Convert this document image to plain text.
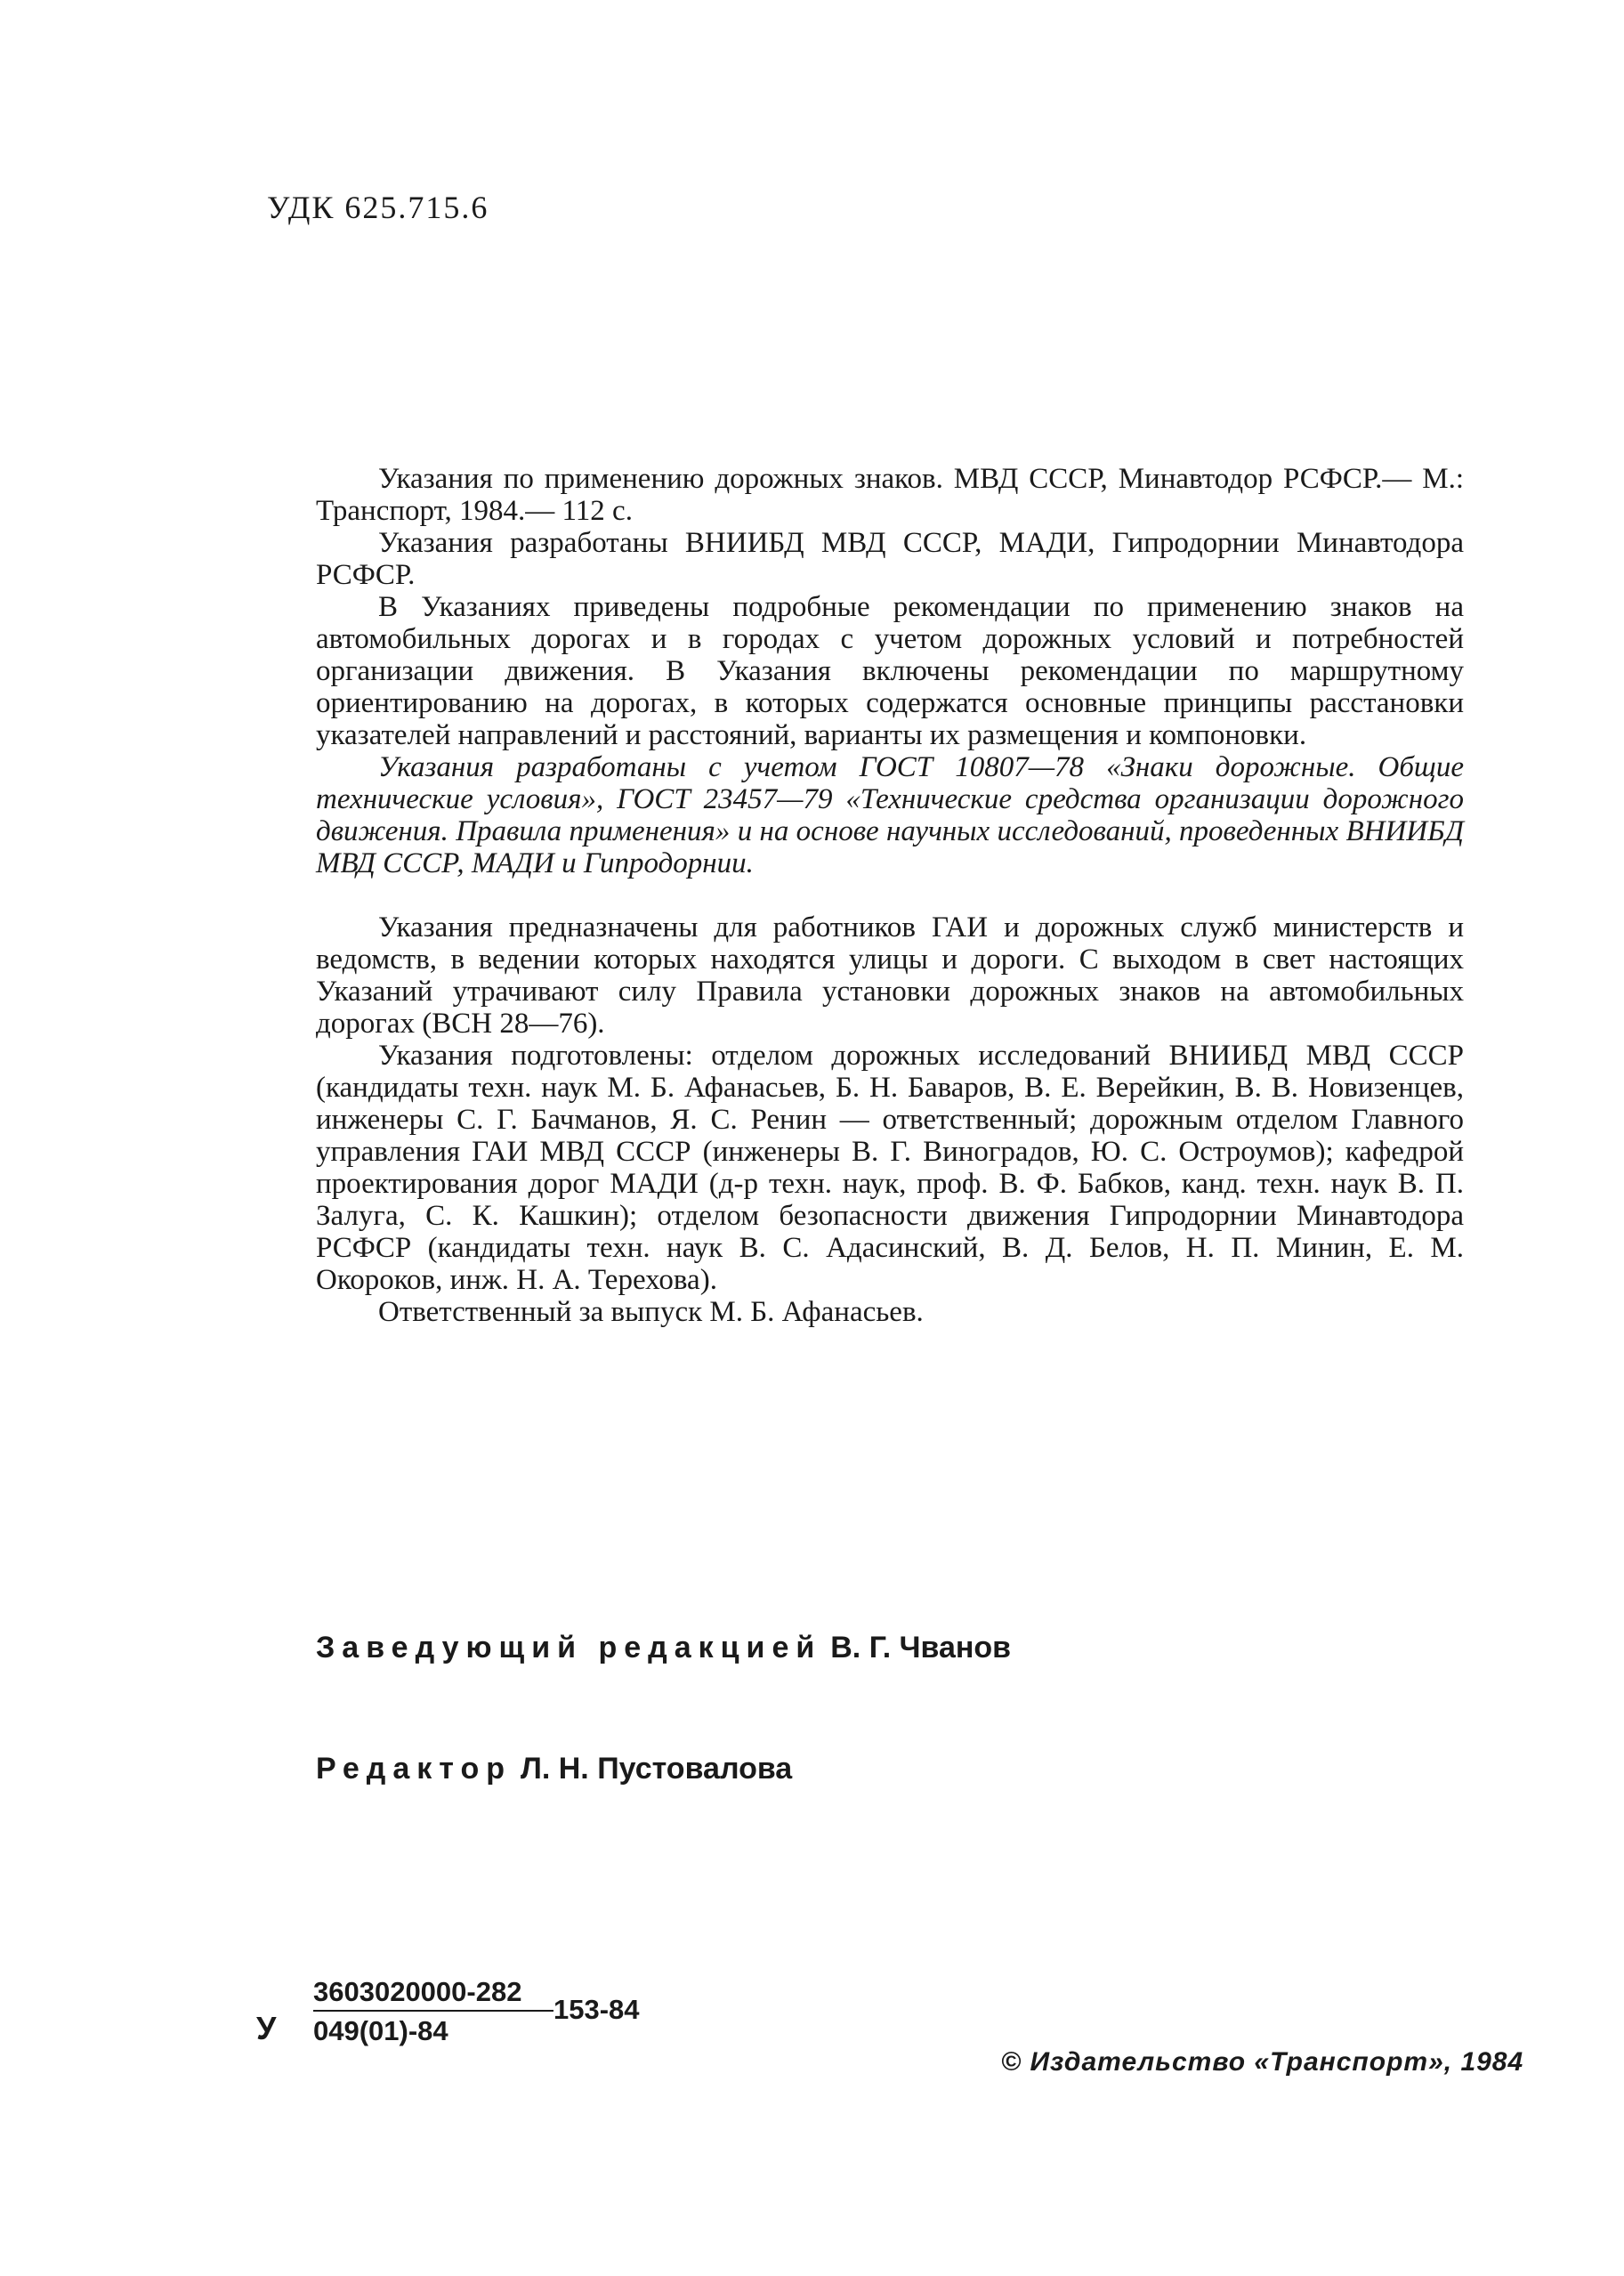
УДК 625.715.6

Указания по применению дорожных знаков. МВД СССР, Минавтодор РСФСР.— М.: Транспорт, 1984.— 112 с.

Указания разработаны ВНИИБД МВД СССР, МАДИ, Гипродорнии Минавтодора РСФСР.

В Указаниях приведены подробные рекомендации по применению знаков на автомобильных дорогах и в городах с учетом дорожных условий и потребностей организации движения. В Указания включены рекомендации по маршрутному ориентированию на дорогах, в которых содержатся основные принципы расстановки указателей направлений и расстояний, варианты их размещения и компоновки.

Указания разработаны с учетом ГОСТ 10807—78 «Знаки дорожные. Общие технические условия», ГОСТ 23457—79 «Технические средства организации дорожного движения. Правила применения» и на основе научных исследований, проведенных ВНИИБД МВД СССР, МАДИ и Гипродорнии.

Указания предназначены для работников ГАИ и дорожных служб министерств и ведомств, в ведении которых находятся улицы и дороги. С выходом в свет настоящих Указаний утрачивают силу Правила установки дорожных знаков на автомобильных дорогах (ВСН 28—76).

Указания подготовлены: отделом дорожных исследований ВНИИБД МВД СССР (кандидаты техн. наук М. Б. Афанасьев, Б. Н. Баваров, В. Е. Верейкин, В. В. Новизенцев, инженеры С. Г. Бачманов, Я. С. Ренин — ответственный; дорожным отделом Главного управления ГАИ МВД СССР (инженеры В. Г. Виноградов, Ю. С. Остроумов); кафедрой проектирования дорог МАДИ (д-р техн. наук, проф. В. Ф. Бабков, канд. техн. наук В. П. Залуга, С. К. Кашкин); отделом безопасности движения Гипродорнии Минавтодора РСФСР (кандидаты техн. наук В. С. Адасинский, В. Д. Белов, Н. П. Минин, Е. М. Окороков, инж. Н. А. Терехова).

Ответственный за выпуск М. Б. Афанасьев.

Заведующий редакцией В. Г. Чванов
Редактор Л. Н. Пустовалова
У $\frac{3603020000-282}{049(01)-84} 153-84$
© Издательство «Транспорт», 1984
